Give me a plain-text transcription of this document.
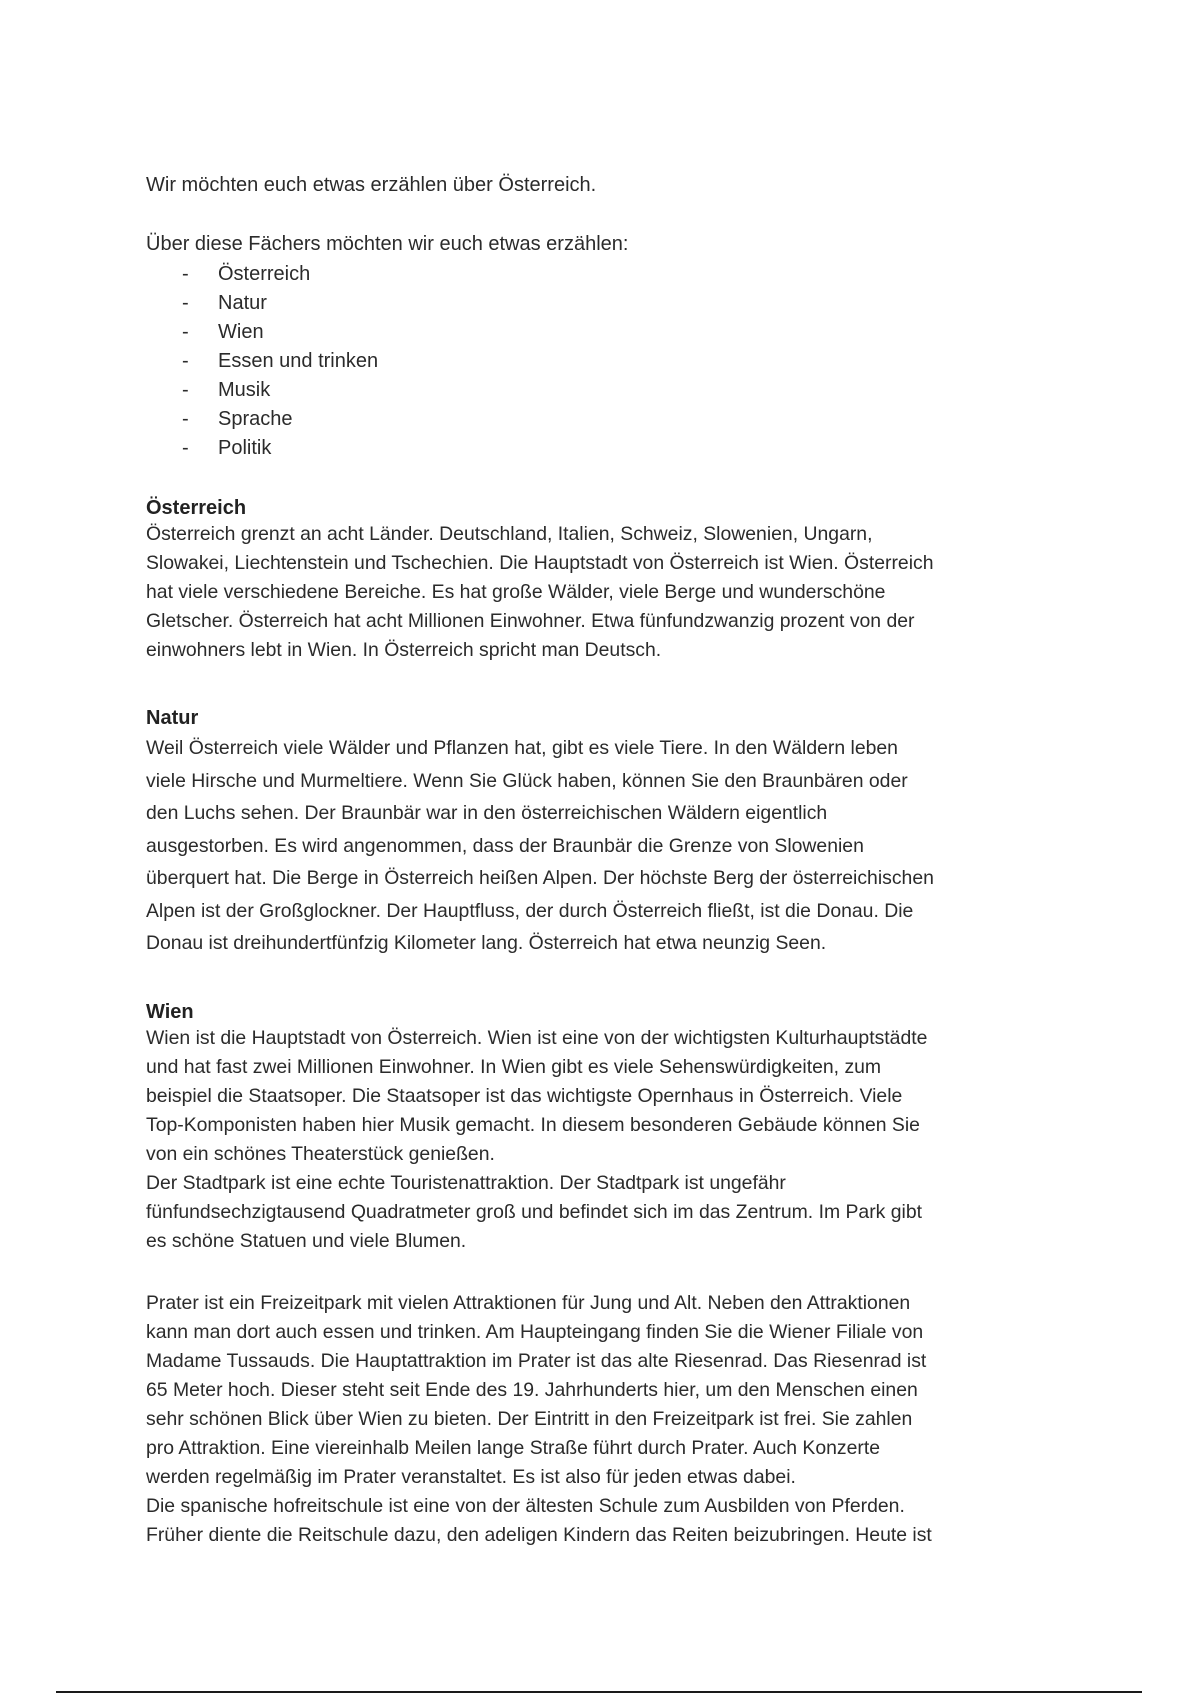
Wir möchten euch etwas erzählen über Österreich.
Über diese Fächers möchten wir euch etwas erzählen:
- Österreich
- Natur
- Wien
- Essen und trinken
- Musik
- Sprache
- Politik
Österreich

Österreich grenzt an acht Länder. Deutschland, Italien, Schweiz, Slowenien, Ungarn,
Slowakei, Liechtenstein und Tschechien. Die Hauptstadt von Österreich ist Wien. Österreich
hat viele verschiedene Bereiche. Es hat große Wälder, viele Berge und wunderschöne
Gletscher. Österreich hat acht Millionen Einwohner. Etwa fünfundzwanzig prozent von der
einwohners lebt in Wien. In Österreich spricht man Deutsch.

Natur

Weil Österreich viele Wälder und Pflanzen hat, gibt es viele Tiere. In den Wäldern leben
viele Hirsche und Murmeltiere. Wenn Sie Glück haben, können Sie den Braunbären oder
den Luchs sehen. Der Braunbär war in den österreichischen Wäldern eigentlich
ausgestorben. Es wird angenommen, dass der Braunbär die Grenze von Slowenien
überquert hat. Die Berge in Österreich heißen Alpen. Der höchste Berg der österreichischen
Alpen ist der Großglockner. Der Hauptfluss, der durch Österreich fließt, ist die Donau. Die
Donau ist dreihundertfünfzig Kilometer lang. Österreich hat etwa neunzig Seen.

Wien

Wien ist die Hauptstadt von Österreich. Wien ist eine von der wichtigsten Kulturhauptstädte
und hat fast zwei Millionen Einwohner. In Wien gibt es viele Sehenswürdigkeiten, zum
beispiel die Staatsoper. Die Staatsoper ist das wichtigste Opernhaus in Österreich. Viele
Top-Komponisten haben hier Musik gemacht. In diesem besonderen Gebäude können Sie
von ein schönes Theaterstück genießen.
Der Stadtpark ist eine echte Touristenattraktion. Der Stadtpark ist ungefähr
fünfundsechzigtausend Quadratmeter groß und befindet sich im das Zentrum. Im Park gibt
es schöne Statuen und viele Blumen.

Prater ist ein Freizeitpark mit vielen Attraktionen für Jung und Alt. Neben den Attraktionen
kann man dort auch essen und trinken. Am Haupteingang finden Sie die Wiener Filiale von
Madame Tussauds. Die Hauptattraktion im Prater ist das alte Riesenrad. Das Riesenrad ist
65 Meter hoch. Dieser steht seit Ende des 19. Jahrhunderts hier, um den Menschen einen
sehr schönen Blick über Wien zu bieten. Der Eintritt in den Freizeitpark ist frei. Sie zahlen
pro Attraktion. Eine viereinhalb Meilen lange Straße führt durch Prater. Auch Konzerte
werden regelmäßig im Prater veranstaltet. Es ist also für jeden etwas dabei.
Die spanische hofreitschule ist eine von der ältesten Schule zum Ausbilden von Pferden.
Früher diente die Reitschule dazu, den adeligen Kindern das Reiten beizubringen. Heute ist
